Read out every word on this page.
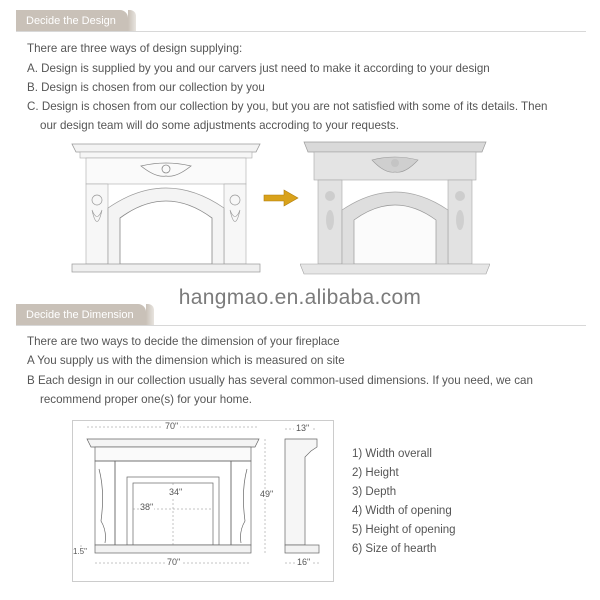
Decide the Design
There are three ways of design supplying:
A. Design is supplied by you and our carvers just need to make it according to your design
B. Design is chosen from our collection by you
C. Design is chosen from our collection by you, but you are not satisfied with some of its details. Then
our design team will do some adjustments accroding to your requests.
hangmao.en.alibaba.com
Decide the Dimension
There are two ways to decide the dimension of your fireplace
A You supply us with the dimension which is measured on site
B Each design in our collection usually has several common-used dimensions. If you need, we can
recommend proper one(s) for your home.
70"	13"
49"
34"
38"
70"	16"
1.5"
1) Width overall
2) Height
3) Depth
4) Width of opening
5) Height of opening
6) Size of hearth
